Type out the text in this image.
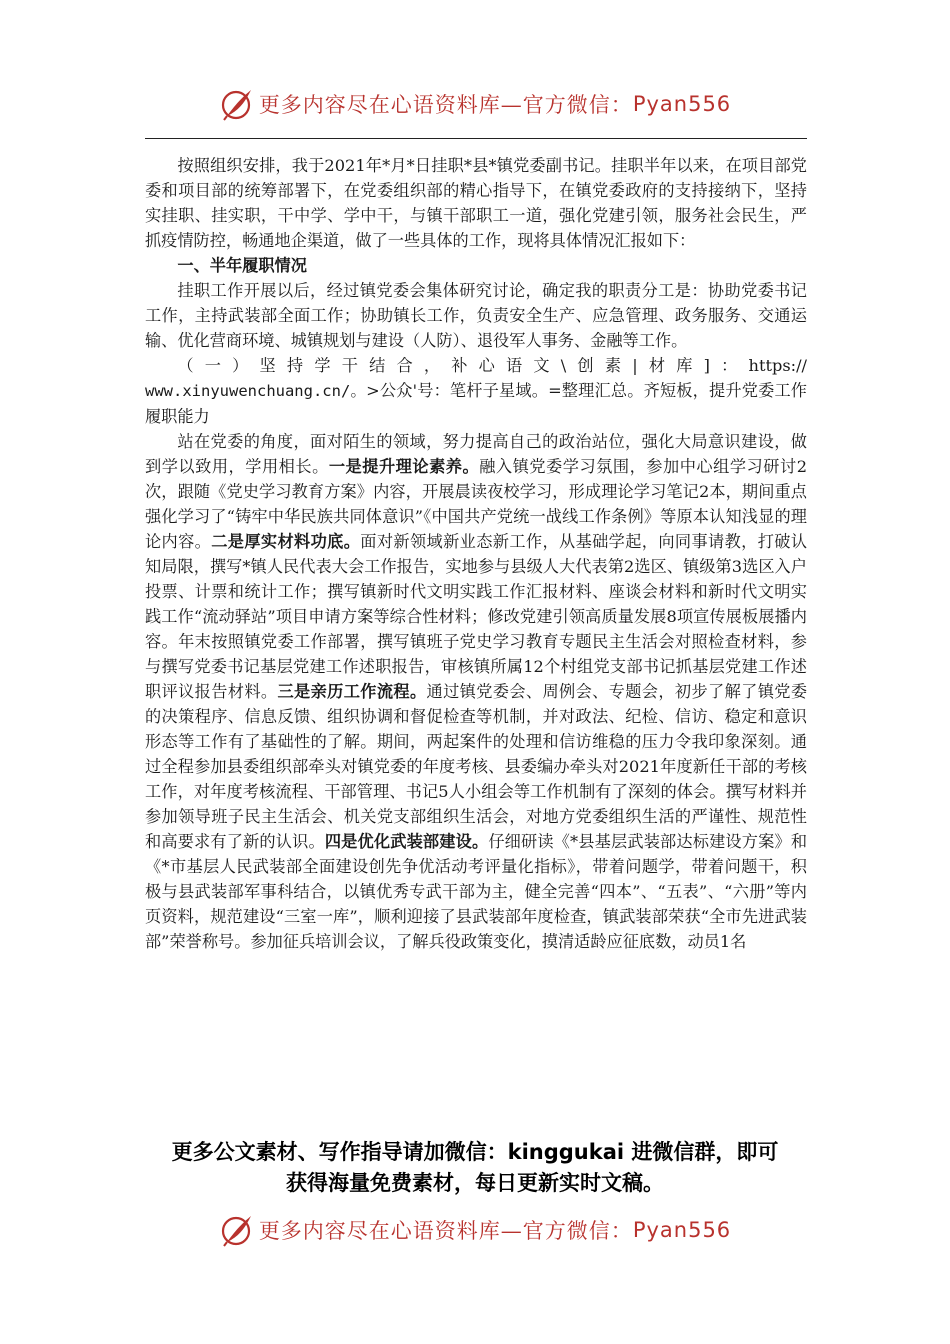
更多内容尽在心语资料库—官方微信： Pyan556

按照组织安排，我于2021年*月*日挂职*县*镇党委副书记。挂职半年以来，在项目部党委和项目部的统筹部署下，在党委组织部的精心指导下，在镇党委政府的支持接纳下，坚持实挂职、挂实职，干中学、学中干，与镇干部职工一道，强化党建引领，服务社会民生，严抓疫情防控，畅通地企渠道，做了一些具体的工作，现将具体情况汇报如下：

一、半年履职情况

挂职工作开展以后，经过镇党委会集体研究讨论，确定我的职责分工是：协助党委书记工作，主持武装部全面工作；协助镇长工作，负责安全生产、应急管理、政务服务、交通运输、优化营商环境、城镇规划与建设（人防）、退役军人事务、金融等工作。

（一）坚持学干结合，补心语文\创素|材库]：https://

www.xinyuwenchuang.cn/。>公众'号：笔杆子星域。=整理汇总。齐短板，提升党委工作履职能力

站在党委的角度，面对陌生的领域，努力提高自己的政治站位，强化大局意识建设，做到学以致用，学用相长。一是提升理论素养。融入镇党委学习氛围，参加中心组学习研讨2次，跟随《党史学习教育方案》内容，开展晨读夜校学习，形成理论学习笔记2本，期间重点强化学习了“铸牢中华民族共同体意识”《中国共产党统一战线工作条例》等原本认知浅显的理论内容。二是厚实材料功底。面对新领域新业态新工作，从基础学起，向同事请教，打破认知局限，撰写*镇人民代表大会工作报告，实地参与县级人大代表第2选区、镇级第3选区入户投票、计票和统计工作；撰写镇新时代文明实践工作汇报材料、座谈会材料和新时代文明实践工作“流动驿站”项目申请方案等综合性材料；修改党建引领高质量发展8项宣传展板展播内容。年末按照镇党委工作部署，撰写镇班子党史学习教育专题民主生活会对照检查材料，参与撰写党委书记基层党建工作述职报告，审核镇所属12个村组党支部书记抓基层党建工作述职评议报告材料。三是亲历工作流程。通过镇党委会、周例会、专题会，初步了解了镇党委的决策程序、信息反馈、组织协调和督促检查等机制，并对政法、纪检、信访、稳定和意识形态等工作有了基础性的了解。期间，两起案件的处理和信访维稳的压力令我印象深刻。通过全程参加县委组织部牵头对镇党委的年度考核、县委编办牵头对2021年度新任干部的考核工作，对年度考核流程、干部管理、书记5人小组会等工作机制有了深刻的体会。撰写材料并参加领导班子民主生活会、机关党支部组织生活会，对地方党委组织生活的严谨性、规范性和高要求有了新的认识。四是优化武装部建设。仔细研读《*县基层武装部达标建设方案》和《*市基层人民武装部全面建设创先争优活动考评量化指标》，带着问题学，带着问题干，积极与县武装部军事科结合，以镇优秀专武干部为主，健全完善“四本”、“五表”、“六册”等内页资料，规范建设“三室一库”，顺利迎接了县武装部年度检查，镇武装部荣获“全市先进武装部”荣誉称号。参加征兵培训会议，了解兵役政策变化，摸清适龄应征底数，动员1名

更多公文素材、写作指导请加微信：kinggukai 进微信群，即可
获得海量免费素材，每日更新实时文稿。
更多内容尽在心语资料库—官方微信： Pyan556
